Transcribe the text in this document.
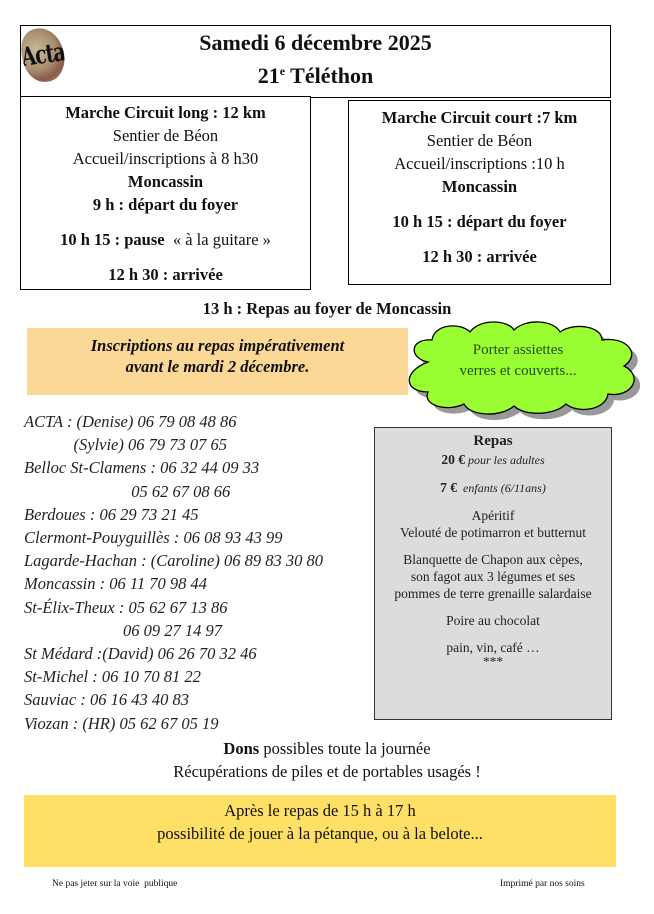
Acta	Samedi 6 décembre 2025
21e Téléthon
Marche Circuit long : 12 km
Sentier de Béon
Accueil/inscriptions à 8 h30
Moncassin
9 h : départ du foyer
10 h 15 : pause  « à la guitare »
12 h 30 : arrivée
Marche Circuit court :7 km
Sentier de Béon
Accueil/inscriptions :10 h
Moncassin
10 h 15 : départ du foyer
12 h 30 : arrivée
13 h : Repas au foyer de Moncassin
Inscriptions au repas impérativement
avant le mardi 2 décembre.
Porter assiettes
verres et couverts...
ACTA : (Denise) 06 79 08 48 86
(Sylvie) 06 79 73 07 65
Belloc St-Clamens : 06 32 44 09 33
05 62 67 08 66
Berdoues : 06 29 73 21 45
Clermont-Pouyguillès : 06 08 93 43 99
Lagarde-Hachan : (Caroline) 06 89 83 30 80
Moncassin : 06 11 70 98 44
St-Élix-Theux : 05 62 67 13 86
06 09 27 14 97
St Médard :(David) 06 26 70 32 46
St-Michel : 06 10 70 81 22
Sauviac : 06 16 43 40 83
Viozan : (HR) 05 62 67 05 19
Repas
20 € pour les adultes
7 €  enfants (6/11ans)
Apéritif
Velouté de potimarron et butternut
Blanquette de Chapon aux cèpes,
son fagot aux 3 légumes et ses
pommes de terre grenaille salardaise
Poire au chocolat
pain, vin, café …
***
Dons possibles toute la journée
Récupérations de piles et de portables usagés !
Après le repas de 15 h à 17 h
possibilité de jouer à la pétanque, ou à la belote...
Ne pas jeter sur la voie  publique	Imprimé par nos soins
